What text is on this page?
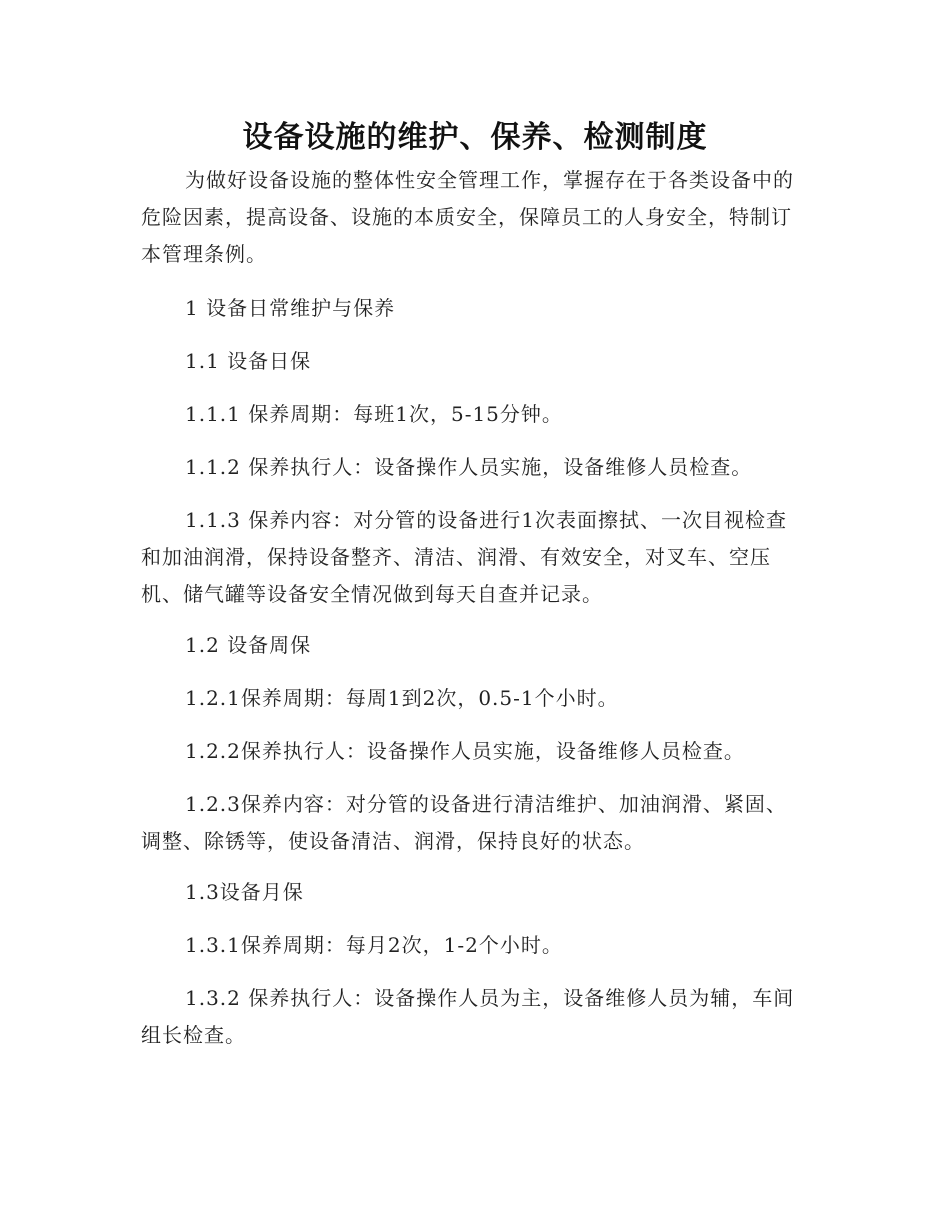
设备设施的维护、保养、检测制度

为做好设备设施的整体性安全管理工作，掌握存在于各类设备中的危险因素，提高设备、设施的本质安全，保障员工的人身安全，特制订本管理条例。

1 设备日常维护与保养

1.1 设备日保

1.1.1 保养周期：每班1次，5-15分钟。

1.1.2 保养执行人：设备操作人员实施，设备维修人员检查。

1.1.3 保养内容：对分管的设备进行1次表面擦拭、一次目视检查和加油润滑，保持设备整齐、清洁、润滑、有效安全，对叉车、空压机、储气罐等设备安全情况做到每天自查并记录。

1.2 设备周保

1.2.1保养周期：每周1到2次，0.5-1个小时。

1.2.2保养执行人：设备操作人员实施，设备维修人员检查。

1.2.3保养内容：对分管的设备进行清洁维护、加油润滑、紧固、调整、除锈等，使设备清洁、润滑，保持良好的状态。

1.3设备月保

1.3.1保养周期：每月2次，1-2个小时。

1.3.2 保养执行人：设备操作人员为主，设备维修人员为辅，车间组长检查。
